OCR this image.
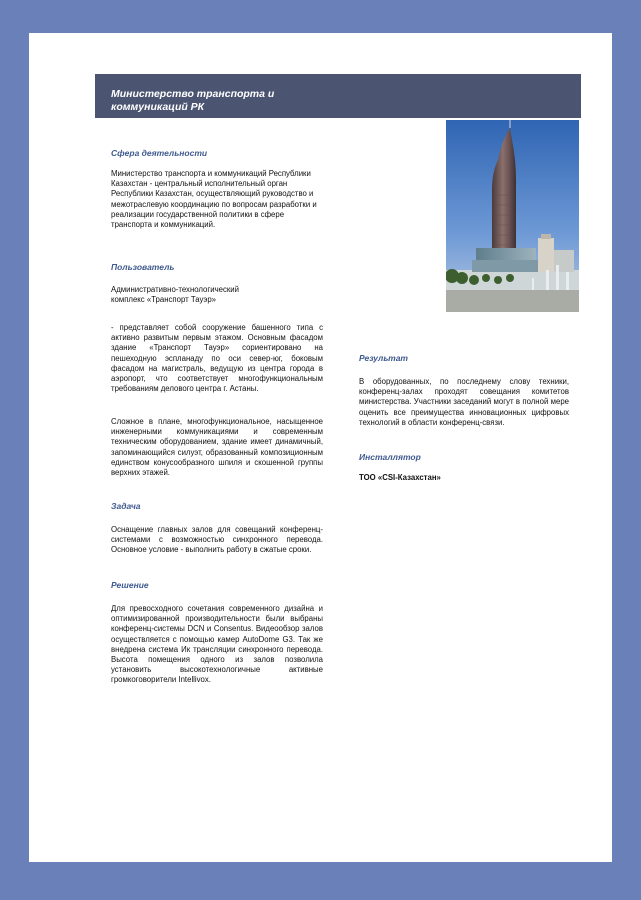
Министерство транспорта и коммуникаций РК
Сфера деятельности
Министерство транспорта и коммуникаций Республики Казахстан - центральный исполнительный орган Республики Казахстан, осуществляющий руководство и межотраслевую координацию по вопросам разработки и реализации государственной политики в сфере транспорта и коммуникаций.
Пользователь
Административно-технологический комплекс «Транспорт Тауэр»
- представляет собой сооружение башенного типа с активно развитым первым этажом. Основным фасадом здание «Транспорт Тауэр» сориентировано на пешеходную эспланаду по оси север-юг, боковым фасадом на магистраль, ведущую из центра города в аэропорт, что соответствует многофункциональным требованиям делового центра г. Астаны.
Сложное в плане, многофункциональное, насыщенное инженерными коммуникациями и современным техническим оборудованием, здание имеет динамичный, запоминающийся силуэт, образованный композиционным единством конусообразного шпиля и скошенной группы верхних этажей.
Задача
Оснащение главных залов для совещаний конференц-системами с возможностью синхронного перевода. Основное условие - выполнить работу в сжатые сроки.
Решение
Для превосходного сочетания современного дизайна и оптимизированной производительности были выбраны конференц-системы DCN и Consentus. Видеообзор залов осуществляется с помощью камер AutoDome G3. Так же внедрена система Ик трансляции синхронного перевода. Высота помещения одного из залов позволила установить высокотехнологичные активные громкоговорители Intellivox.
Результат
В оборудованных, по последнему слову техники, конференц-залах проходят совещания комитетов министерства. Участники заседаний могут в полной мере оценить все преимущества инновационных цифровых технологий в области конференц-связи.
Инсталлятор
ТОО «CSI-Казахстан»
